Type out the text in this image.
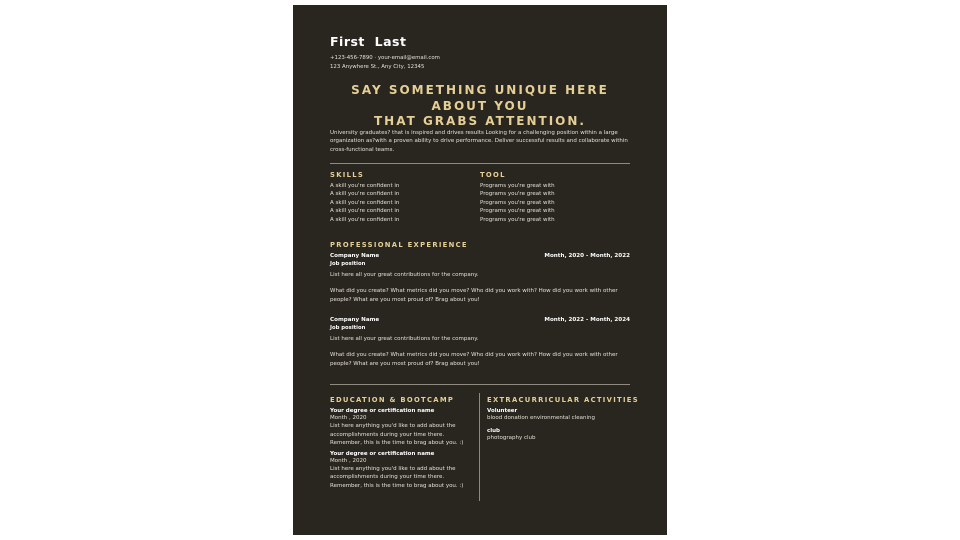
First  Last
+123-456-7890 · your-email@email.com
123 Anywhere St., Any City, 12345
SAY SOMETHING UNIQUE HERE ABOUT YOU
THAT GRABS ATTENTION.
University graduates? that is inspired and drives results Looking for a challenging position within a large organization as?with a proven ability to drive performance. Deliver successful results and collaborate within cross-functional teams.
SKILLS
A skill you're confident in
A skill you're confident in
A skill you're confident in
A skill you're confident in
A skill you're confident in
TOOL
Programs you're great with
Programs you're great with
Programs you're great with
Programs you're great with
Programs you're great with
PROFESSIONAL EXPERIENCE
Company Name	Month, 2020 - Month, 2022
Job position
List here all your great contributions for the company.
What did you create? What metrics did you move? Who did you work with? How did you work with other people? What are you most proud of? Brag about you!
Company Name	Month, 2022 - Month, 2024
Job position
List here all your great contributions for the company.
What did you create? What metrics did you move? Who did you work with? How did you work with other people? What are you most proud of? Brag about you!
EDUCATION & BOOTCAMP
Your degree or certification name
Month , 2020
List here anything you'd like to add about the accomplishments during your time there. Remember, this is the time to brag about you. :)
Your degree or certification name
Month , 2020
List here anything you'd like to add about the accomplishments during your time there. Remember, this is the time to brag about you. :)
EXTRACURRICULAR ACTIVITIES
Volunteer
blood donation environmental cleaning
club
photography club
